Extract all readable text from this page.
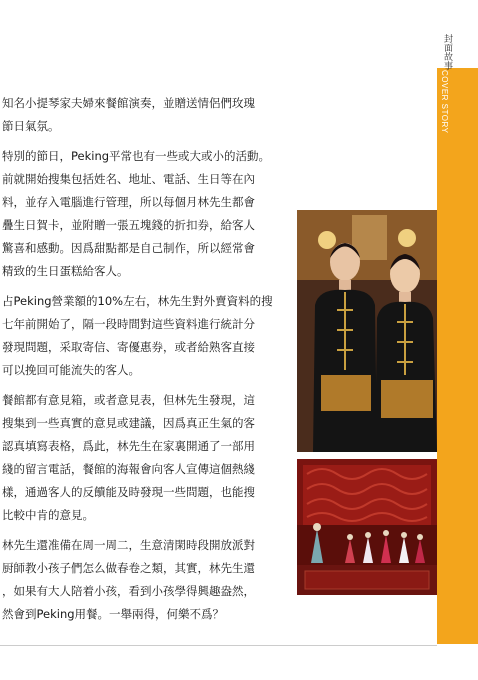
封面故事
COVER STORY

知名小提琴家夫婦來餐館演奏，並贈送情侶們玫瑰
節日氣氛。

特別的節日，Peking平常也有一些或大或小的活動。
前就開始搜集包括姓名、地址、電話、生日等在內
料，並存入電腦進行管理，所以每個月林先生都會
疊生日賀卡，並附贈一張五塊錢的折扣券，給客人
驚喜和感動。因爲甜點都是自己制作，所以經常會
精致的生日蛋糕給客人。

占Peking營業額的10%左右，林先生對外賣資料的搜
七年前開始了，隔一段時間對這些資料進行統計分
發現問題，采取寄信、寄優惠券，或者給熟客直接
可以挽回可能流失的客人。

餐館都有意見箱，或者意見表，但林先生發現，這
搜集到一些真實的意見或建議，因爲真正生氣的客
認真填寫表格，爲此，林先生在家裏開通了一部用
綫的留言電話，餐館的海報會向客人宣傳這個熱綫
樣，通過客人的反饋能及時發現一些問題，也能搜
比較中肯的意見。

林先生還准備在周一周二，生意清閑時段開放派對
厨師教小孩子們怎么做春卷之類，其實，林先生還
，如果有大人陪着小孩，看到小孩學得興趣盎然，
然會到Peking用餐。一舉兩得，何樂不爲？
